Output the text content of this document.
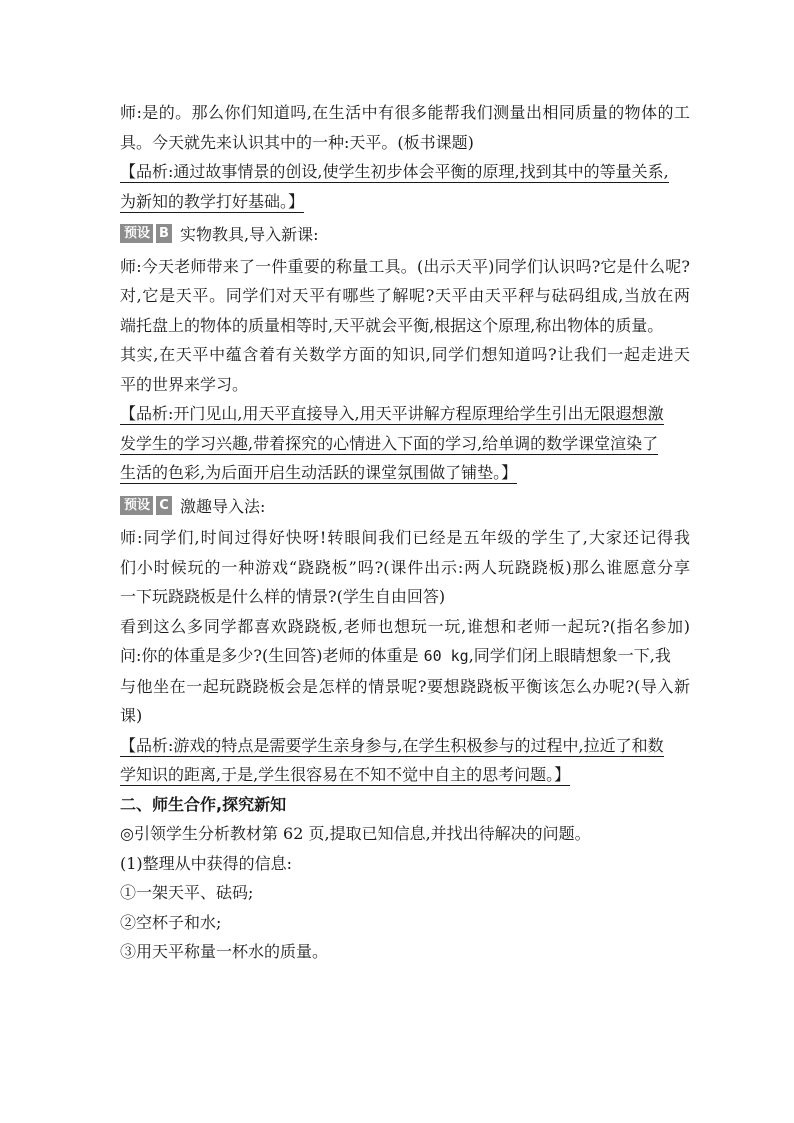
师:是的。那么你们知道吗,在生活中有很多能帮我们测量出相同质量的物体的工
具。今天就先来认识其中的一种:天平。(板书课题)
【品析:通过故事情景的创设,使学生初步体会平衡的原理,找到其中的等量关系,
为新知的教学打好基础。】
预设 B 实物教具,导入新课:
师:今天老师带来了一件重要的称量工具。(出示天平)同学们认识吗?它是什么呢?
对,它是天平。同学们对天平有哪些了解呢?天平由天平秤与砝码组成,当放在两
端托盘上的物体的质量相等时,天平就会平衡,根据这个原理,称出物体的质量。
其实,在天平中蕴含着有关数学方面的知识,同学们想知道吗?让我们一起走进天
平的世界来学习。
【品析:开门见山,用天平直接导入,用天平讲解方程原理给学生引出无限遐想激
发学生的学习兴趣,带着探究的心情进入下面的学习,给单调的数学课堂渲染了
生活的色彩,为后面开启生动活跃的课堂氛围做了铺垫。】
预设 C 激趣导入法:
师:同学们,时间过得好快呀!转眼间我们已经是五年级的学生了,大家还记得我
们小时候玩的一种游戏“跷跷板”吗?(课件出示:两人玩跷跷板)那么谁愿意分享
一下玩跷跷板是什么样的情景?(学生自由回答)
看到这么多同学都喜欢跷跷板,老师也想玩一玩,谁想和老师一起玩?(指名参加)
问:你的体重是多少?(生回答)老师的体重是 60 kg,同学们闭上眼睛想象一下,我
与他坐在一起玩跷跷板会是怎样的情景呢?要想跷跷板平衡该怎么办呢?(导入新
课)
【品析:游戏的特点是需要学生亲身参与,在学生积极参与的过程中,拉近了和数
学知识的距离,于是,学生很容易在不知不觉中自主的思考问题。】
二、师生合作,探究新知
◎引领学生分析教材第 62 页,提取已知信息,并找出待解决的问题。
(1)整理从中获得的信息:
①一架天平、砝码;
②空杯子和水;
③用天平称量一杯水的质量。
